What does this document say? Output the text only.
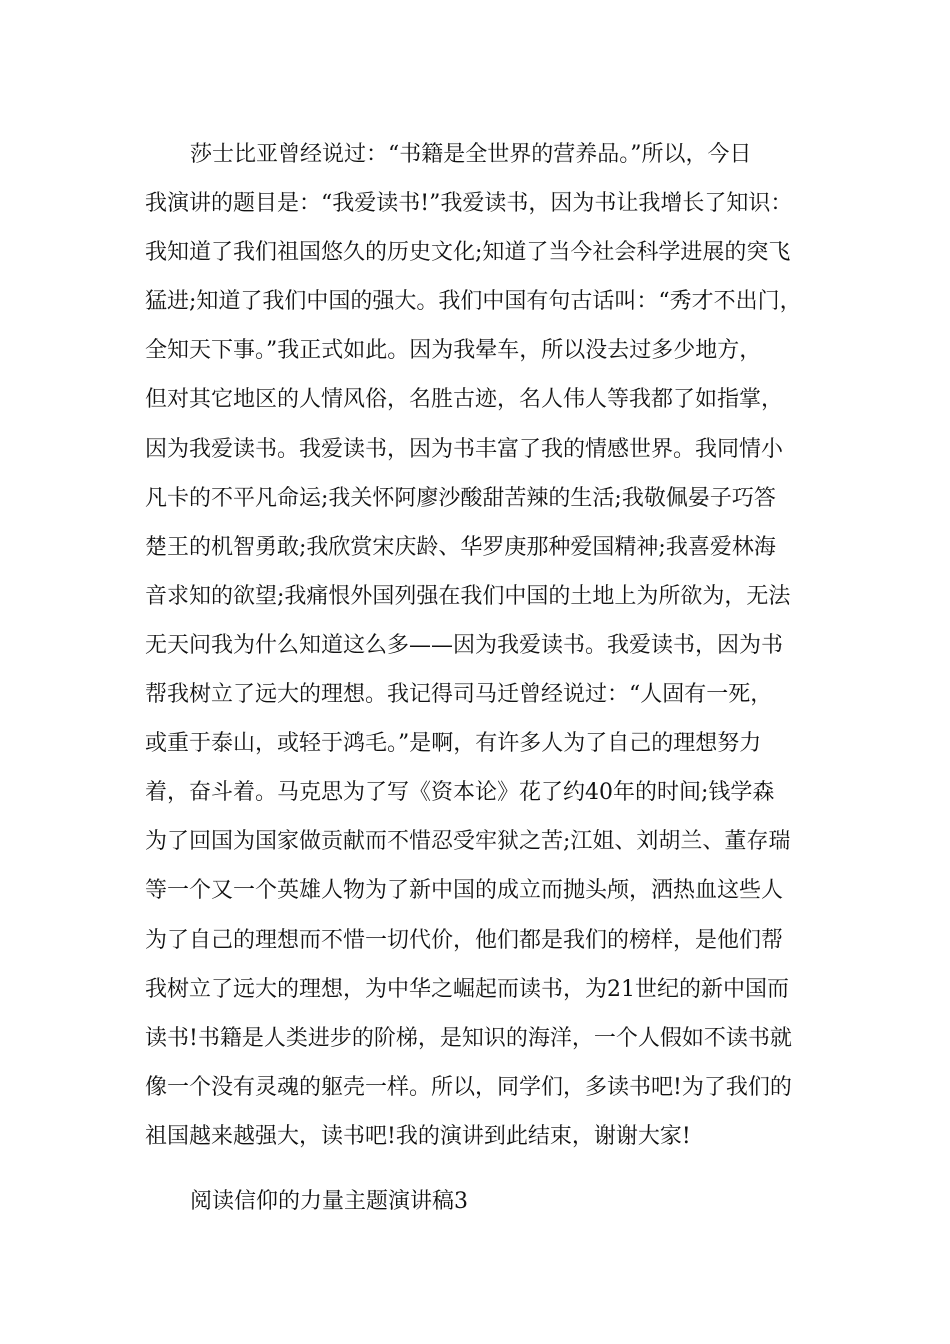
莎士比亚曾经说过：“书籍是全世界的营养品。”所以，今日
我演讲的题目是：“我爱读书!”我爱读书，因为书让我增长了知识：
我知道了我们祖国悠久的历史文化;知道了当今社会科学进展的突飞
猛进;知道了我们中国的强大。我们中国有句古话叫：“秀才不出门，
全知天下事。”我正式如此。因为我晕车，所以没去过多少地方，
但对其它地区的人情风俗，名胜古迹，名人伟人等我都了如指掌，
因为我爱读书。我爱读书，因为书丰富了我的情感世界。我同情小
凡卡的不平凡命运;我关怀阿廖沙酸甜苦辣的生活;我敬佩晏子巧答
楚王的机智勇敢;我欣赏宋庆龄、华罗庚那种爱国精神;我喜爱林海
音求知的欲望;我痛恨外国列强在我们中国的土地上为所欲为，无法
无天问我为什么知道这么多——因为我爱读书。我爱读书，因为书
帮我树立了远大的理想。我记得司马迁曾经说过：“人固有一死，
或重于泰山，或轻于鸿毛。”是啊，有许多人为了自己的理想努力
着，奋斗着。马克思为了写《资本论》花了约40年的时间;钱学森
为了回国为国家做贡献而不惜忍受牢狱之苦;江姐、刘胡兰、董存瑞
等一个又一个英雄人物为了新中国的成立而抛头颅，洒热血这些人
为了自己的理想而不惜一切代价，他们都是我们的榜样，是他们帮
我树立了远大的理想，为中华之崛起而读书，为21世纪的新中国而
读书!书籍是人类进步的阶梯，是知识的海洋，一个人假如不读书就
像一个没有灵魂的躯壳一样。所以，同学们，多读书吧!为了我们的
祖国越来越强大，读书吧!我的演讲到此结束，谢谢大家!

阅读信仰的力量主题演讲稿3
